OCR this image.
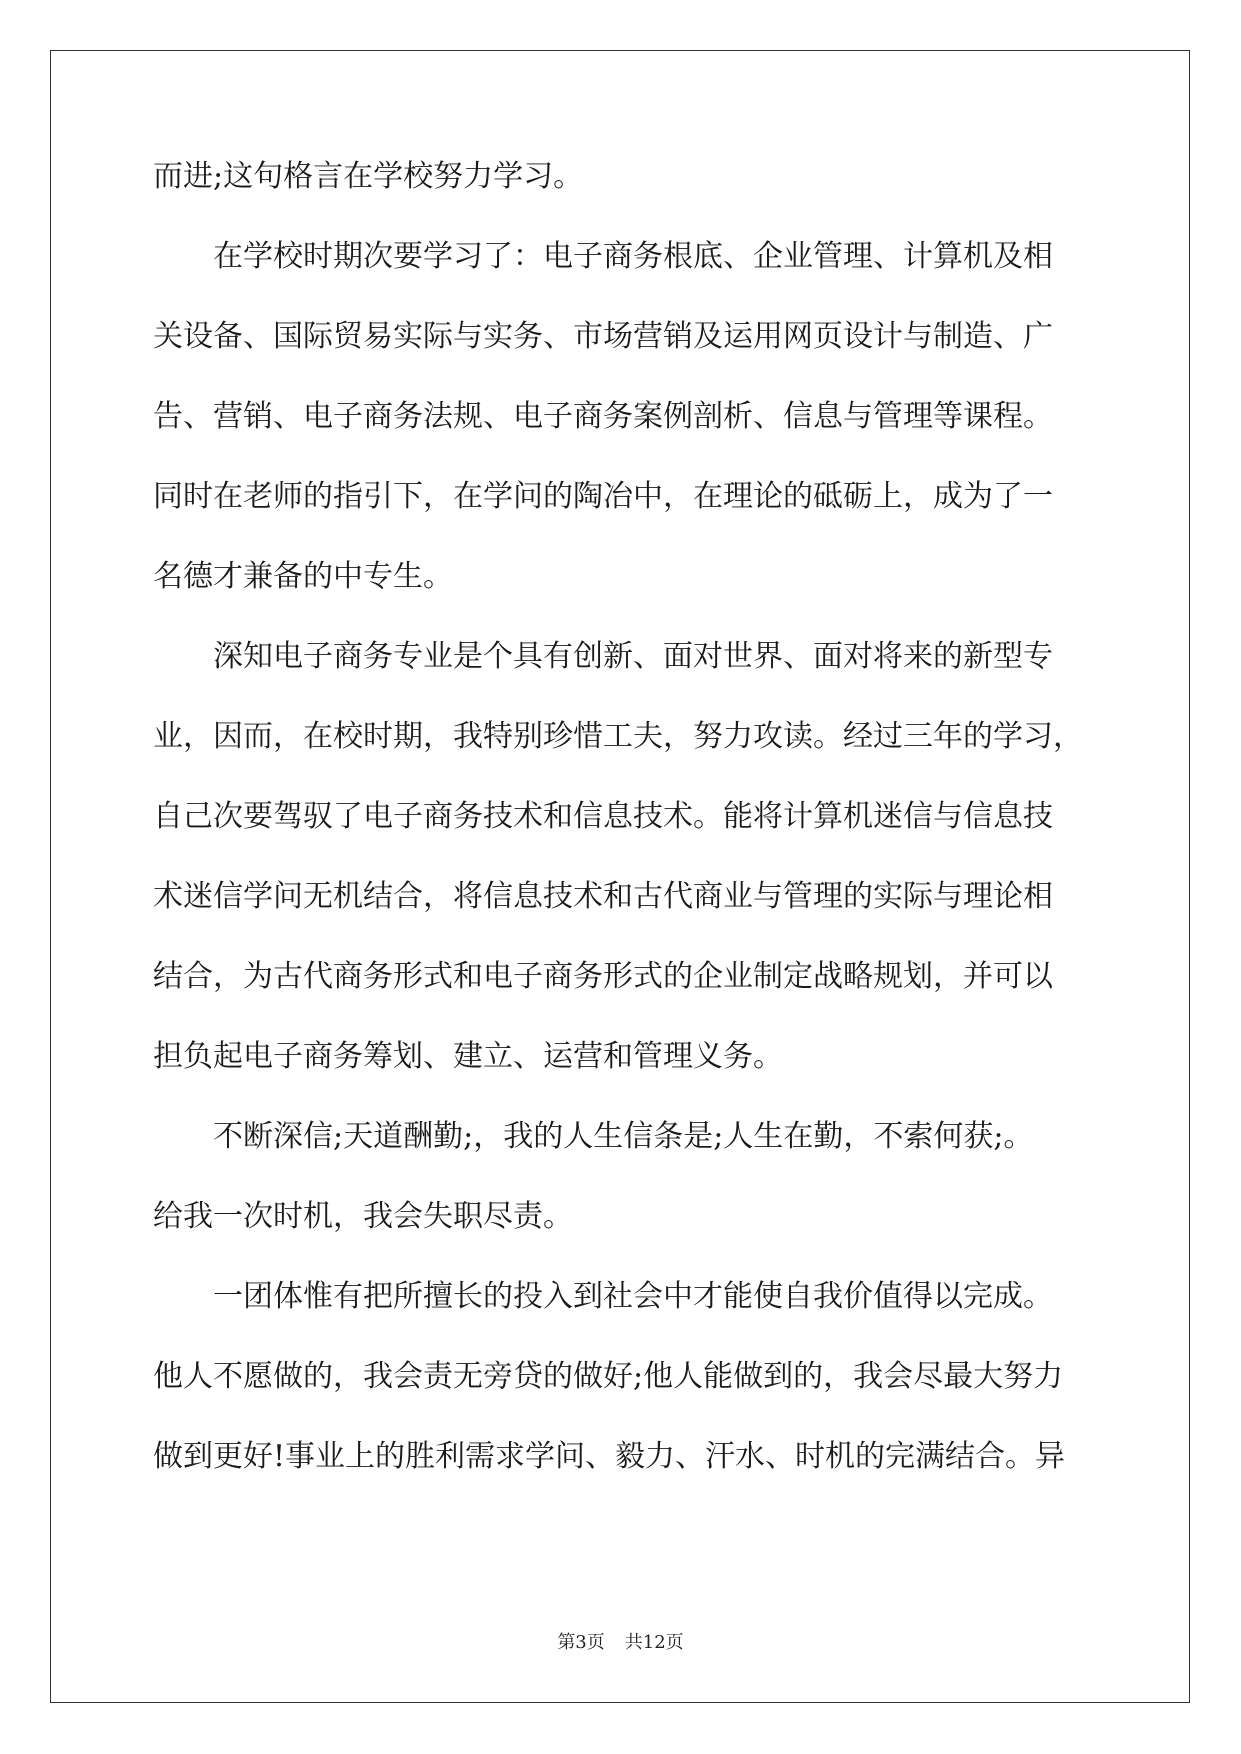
而进;这句格言在学校努力学习。
在学校时期次要学习了：电子商务根底、企业管理、计算机及相
关设备、国际贸易实际与实务、市场营销及运用网页设计与制造、广
告、营销、电子商务法规、电子商务案例剖析、信息与管理等课程。
同时在老师的指引下，在学问的陶冶中，在理论的砥砺上，成为了一
名德才兼备的中专生。
深知电子商务专业是个具有创新、面对世界、面对将来的新型专
业，因而，在校时期，我特别珍惜工夫，努力攻读。经过三年的学习，
自己次要驾驭了电子商务技术和信息技术。能将计算机迷信与信息技
术迷信学问无机结合，将信息技术和古代商业与管理的实际与理论相
结合，为古代商务形式和电子商务形式的企业制定战略规划，并可以
担负起电子商务筹划、建立、运营和管理义务。
不断深信;天道酬勤;，我的人生信条是;人生在勤，不索何获;。
给我一次时机，我会失职尽责。
一团体惟有把所擅长的投入到社会中才能使自我价值得以完成。
他人不愿做的，我会责无旁贷的做好;他人能做到的，我会尽最大努力
做到更好!事业上的胜利需求学问、毅力、汗水、时机的完满结合。异
第3页 共12页
